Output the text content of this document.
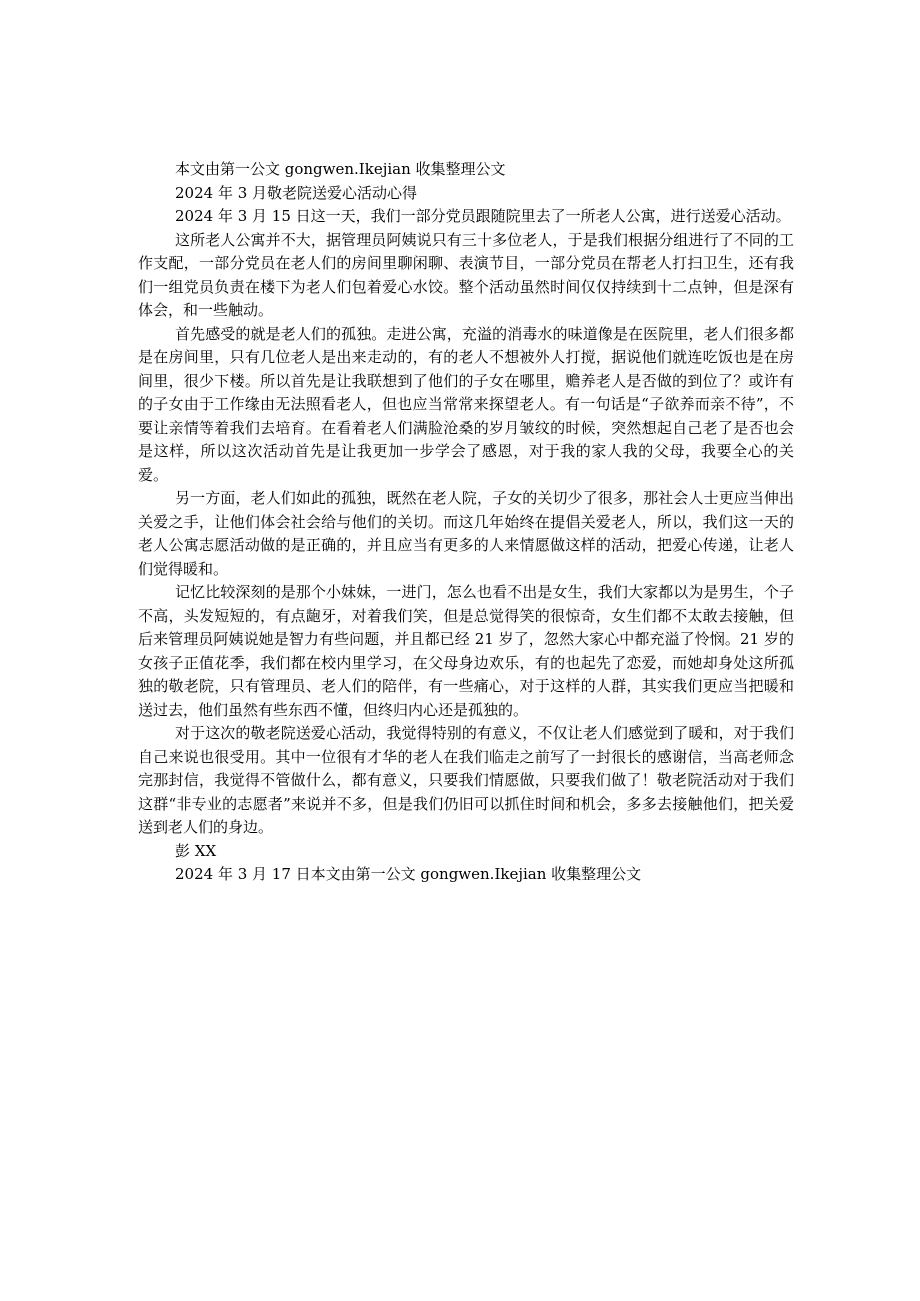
本文由第一公文 gongwen.Ikejian 收集整理公文

2024 年 3 月敬老院送爱心活动心得

2024 年 3 月 15 日这一天，我们一部分党员跟随院里去了一所老人公寓，进行送爱心活动。

这所老人公寓并不大，据管理员阿姨说只有三十多位老人，于是我们根据分组进行了不同的工作支配，一部分党员在老人们的房间里聊闲聊、表演节目，一部分党员在帮老人打扫卫生，还有我们一组党员负责在楼下为老人们包着爱心水饺。整个活动虽然时间仅仅持续到十二点钟，但是深有体会，和一些触动。

首先感受的就是老人们的孤独。走进公寓，充溢的消毒水的味道像是在医院里，老人们很多都是在房间里，只有几位老人是出来走动的，有的老人不想被外人打搅，据说他们就连吃饭也是在房间里，很少下楼。所以首先是让我联想到了他们的子女在哪里，赡养老人是否做的到位了？或许有的子女由于工作缘由无法照看老人，但也应当常常来探望老人。有一句话是“子欲养而亲不待”，不要让亲情等着我们去培育。在看着老人们满脸沧桑的岁月皱纹的时候，突然想起自己老了是否也会是这样，所以这次活动首先是让我更加一步学会了感恩，对于我的家人我的父母，我要全心的关爱。

另一方面，老人们如此的孤独，既然在老人院，子女的关切少了很多，那社会人士更应当伸出关爱之手，让他们体会社会给与他们的关切。而这几年始终在提倡关爱老人，所以，我们这一天的老人公寓志愿活动做的是正确的，并且应当有更多的人来情愿做这样的活动，把爱心传递，让老人们觉得暖和。

记忆比较深刻的是那个小妹妹，一进门，怎么也看不出是女生，我们大家都以为是男生，个子不高，头发短短的，有点龅牙，对着我们笑，但是总觉得笑的很惊奇，女生们都不太敢去接触，但后来管理员阿姨说她是智力有些问题，并且都已经 21 岁了，忽然大家心中都充溢了怜悯。21 岁的女孩子正值花季，我们都在校内里学习，在父母身边欢乐，有的也起先了恋爱，而她却身处这所孤独的敬老院，只有管理员、老人们的陪伴，有一些痛心，对于这样的人群，其实我们更应当把暖和送过去，他们虽然有些东西不懂，但终归内心还是孤独的。

对于这次的敬老院送爱心活动，我觉得特别的有意义，不仅让老人们感觉到了暖和，对于我们自己来说也很受用。其中一位很有才华的老人在我们临走之前写了一封很长的感谢信，当高老师念完那封信，我觉得不管做什么，都有意义，只要我们情愿做，只要我们做了！敬老院活动对于我们这群“非专业的志愿者”来说并不多，但是我们仍旧可以抓住时间和机会，多多去接触他们，把关爱送到老人们的身边。

彭 XX

2024 年 3 月 17 日本文由第一公文 gongwen.Ikejian 收集整理公文
